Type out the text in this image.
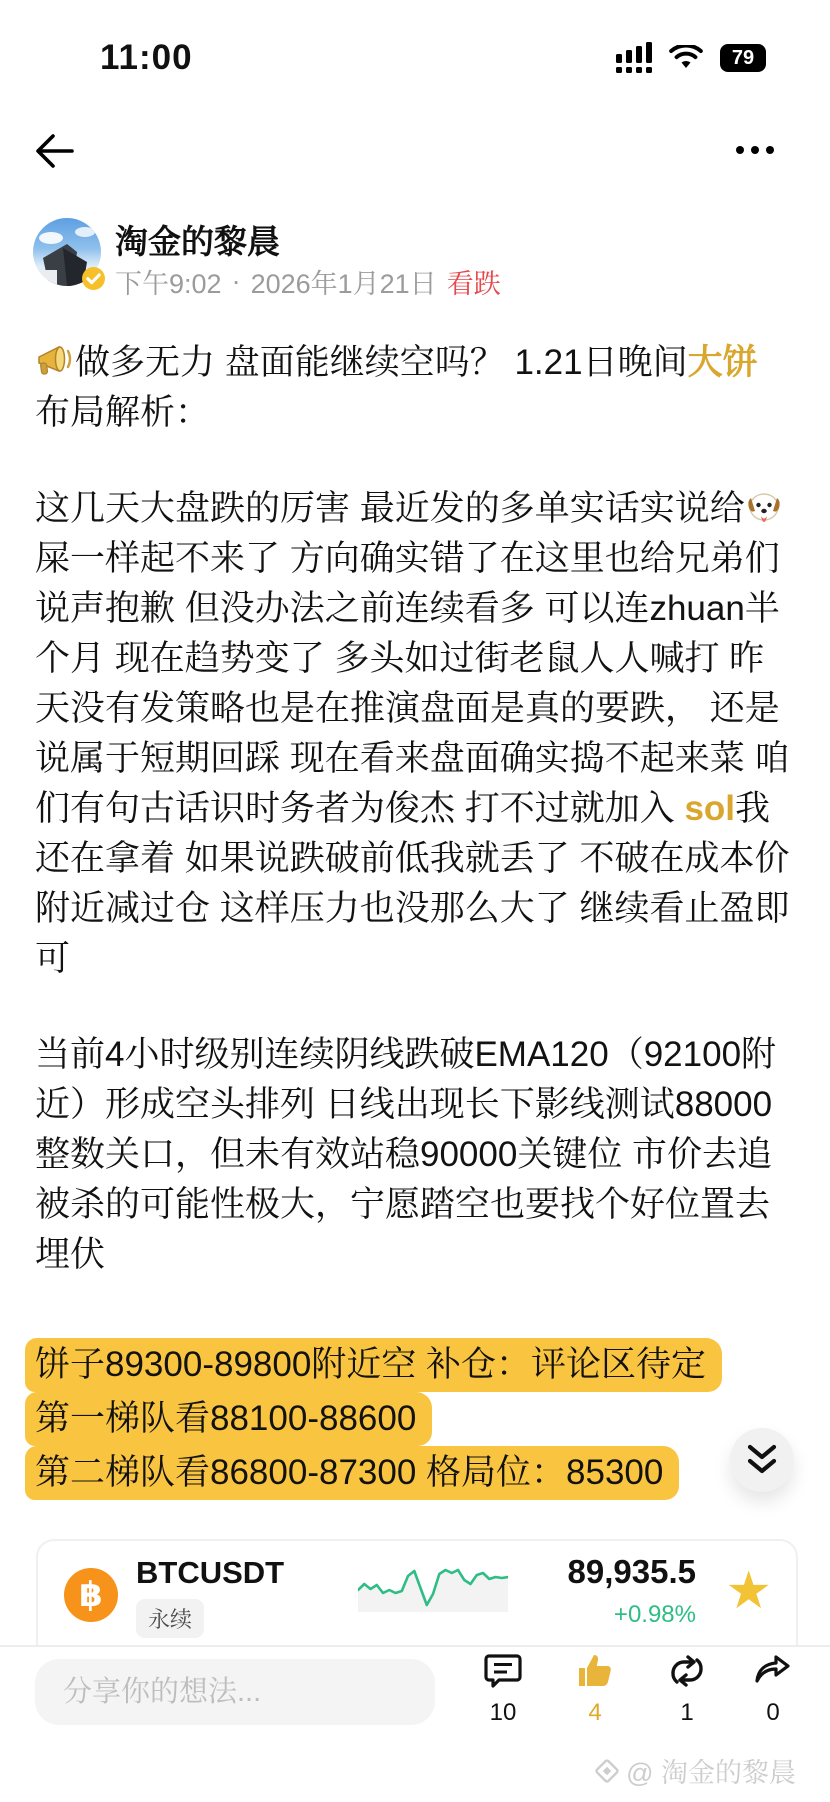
11:00	79
淘金的黎晨
下午9:02 · 2026年1月21日 看跌
做多无力 盘面能继续空吗？ 1.21日晚间大饼
布局解析：
这几天大盘跌的厉害 最近发的多单实话实说给
屎一样起不来了 方向确实错了在这里也给兄弟们
说声抱歉 但没办法之前连续看多 可以连zhuan半
个月 现在趋势变了 多头如过街老鼠人人喊打 昨
天没有发策略也是在推演盘面是真的要跌， 还是
说属于短期回踩 现在看来盘面确实捣不起来菜 咱
们有句古话识时务者为俊杰 打不过就加入 sol我
还在拿着 如果说跌破前低我就丢了 不破在成本价
附近减过仓 这样压力也没那么大了 继续看止盈即
可
当前4小时级别连续阴线跌破EMA120（92100附
近）形成空头排列 日线出现长下影线测试88000
整数关口，但未有效站稳90000关键位 市价去追
被杀的可能性极大，宁愿踏空也要找个好位置去
埋伏
饼子89300-89800附近空 补仓：评论区待定
第一梯队看88100-88600
第二梯队看86800-87300 格局位：85300
฿
BTCUSDT
永续
89,935.5
+0.98% ★
分享你的想法...
10	4	1	0
@ 淘金的黎晨
